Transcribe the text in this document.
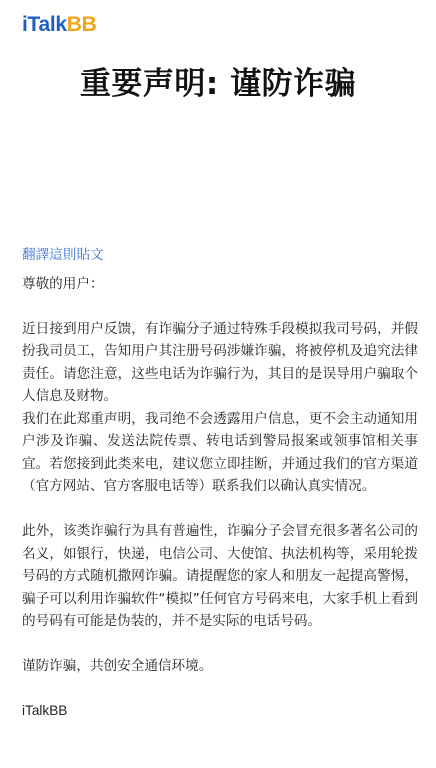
iTalkBB
重要声明: 谨防诈骗
翻譯這則貼文

尊敬的用户：

近日接到用户反馈，有诈骗分子通过特殊手段模拟我司号码，并假扮我司员工，告知用户其注册号码涉嫌诈骗，将被停机及追究法律责任。请您注意，这些电话为诈骗行为，其目的是误导用户骗取个人信息及财物。

我们在此郑重声明，我司绝不会透露用户信息，更不会主动通知用户涉及诈骗、发送法院传票、转电话到警局报案或领事馆相关事宜。若您接到此类来电，建议您立即挂断，并通过我们的官方渠道（官方网站、官方客服电话等）联系我们以确认真实情况。

此外，该类诈骗行为具有普遍性，诈骗分子会冒充很多著名公司的名义，如银行，快递，电信公司、大使馆、执法机构等，采用轮拨号码的方式随机撒网诈骗。请提醒您的家人和朋友一起提高警惕，骗子可以利用诈骗软件“模拟”任何官方号码来电，大家手机上看到的号码有可能是伪装的，并不是实际的电话号码。

谨防诈骗，共创安全通信环境。

iTalkBB
